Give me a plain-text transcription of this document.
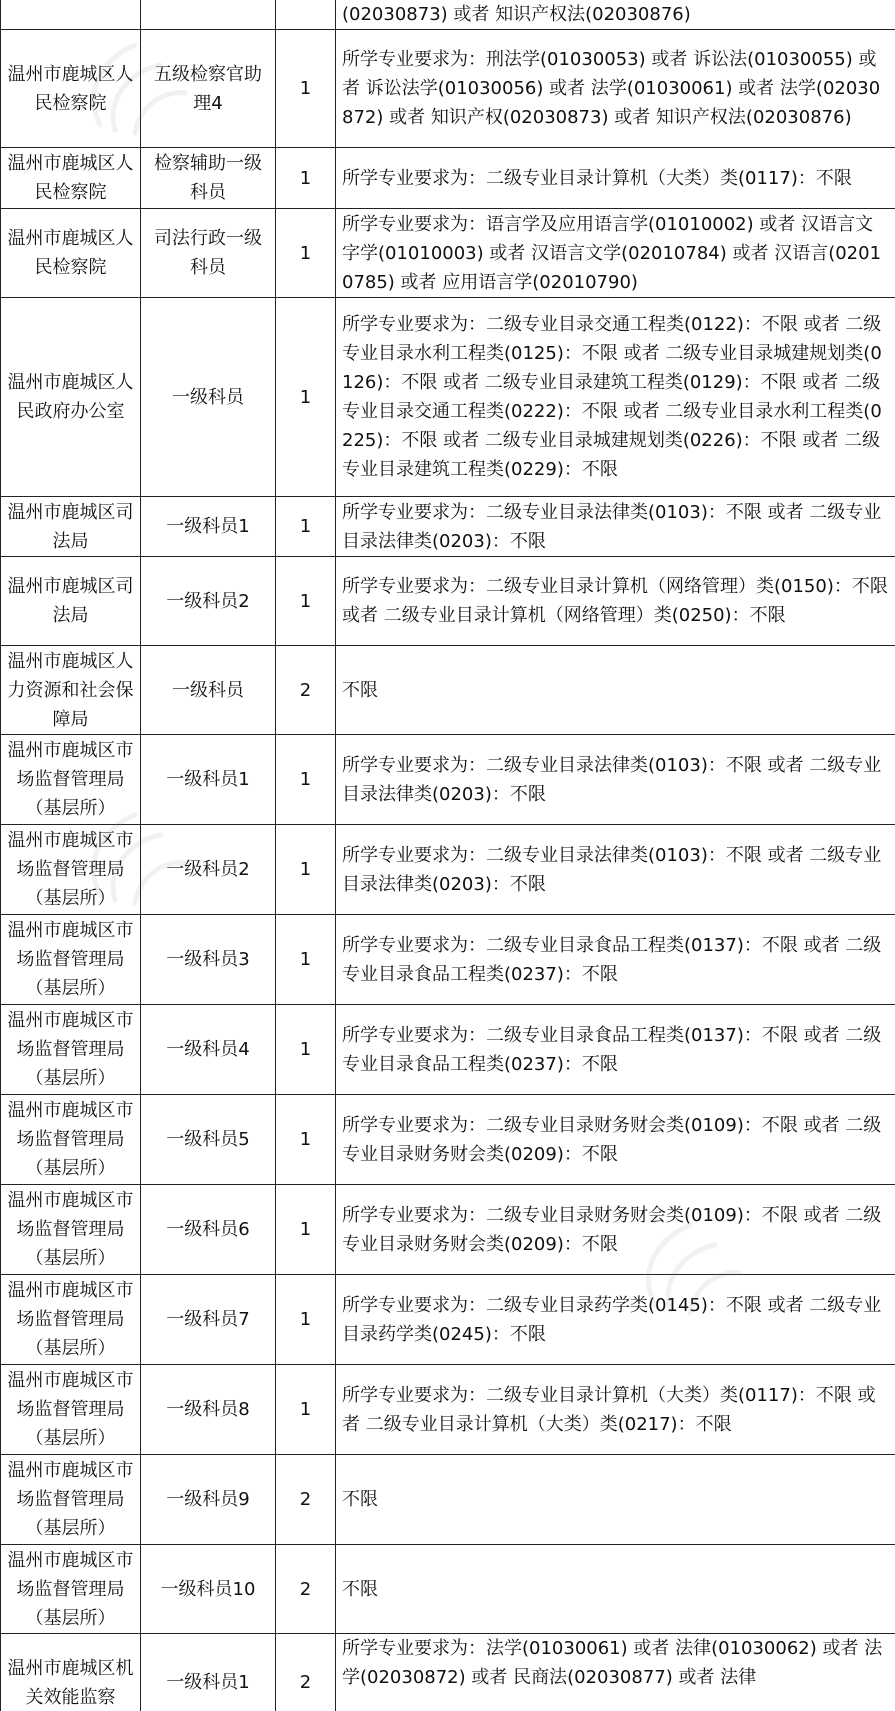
			(02030873) 或者 知识产权法(02030876)
温州市鹿城区人民检察院	五级检察官助理4	1	所学专业要求为：刑法学(01030053) 或者 诉讼法(01030055) 或者 诉讼法学(01030056) 或者 法学(01030061) 或者 法学(02030872) 或者 知识产权(02030873) 或者 知识产权法(02030876)
温州市鹿城区人民检察院	检察辅助一级科员	1	所学专业要求为：二级专业目录计算机（大类）类(0117)：不限
温州市鹿城区人民检察院	司法行政一级科员	1	所学专业要求为：语言学及应用语言学(01010002) 或者 汉语言文字学(01010003) 或者 汉语言文学(02010784) 或者 汉语言(02010785) 或者 应用语言学(02010790)
温州市鹿城区人民政府办公室	一级科员	1	所学专业要求为：二级专业目录交通工程类(0122)：不限 或者 二级专业目录水利工程类(0125)：不限 或者 二级专业目录城建规划类(0126)：不限 或者 二级专业目录建筑工程类(0129)：不限 或者 二级专业目录交通工程类(0222)：不限 或者 二级专业目录水利工程类(0225)：不限 或者 二级专业目录城建规划类(0226)：不限 或者 二级专业目录建筑工程类(0229)：不限
温州市鹿城区司法局	一级科员1	1	所学专业要求为：二级专业目录法律类(0103)：不限 或者 二级专业目录法律类(0203)：不限
温州市鹿城区司法局	一级科员2	1	所学专业要求为：二级专业目录计算机（网络管理）类(0150)：不限 或者 二级专业目录计算机（网络管理）类(0250)：不限
温州市鹿城区人力资源和社会保障局	一级科员	2	不限
温州市鹿城区市场监督管理局（基层所）	一级科员1	1	所学专业要求为：二级专业目录法律类(0103)：不限 或者 二级专业目录法律类(0203)：不限
温州市鹿城区市场监督管理局（基层所）	一级科员2	1	所学专业要求为：二级专业目录法律类(0103)：不限 或者 二级专业目录法律类(0203)：不限
温州市鹿城区市场监督管理局（基层所）	一级科员3	1	所学专业要求为：二级专业目录食品工程类(0137)：不限 或者 二级专业目录食品工程类(0237)：不限
温州市鹿城区市场监督管理局（基层所）	一级科员4	1	所学专业要求为：二级专业目录食品工程类(0137)：不限 或者 二级专业目录食品工程类(0237)：不限
温州市鹿城区市场监督管理局（基层所）	一级科员5	1	所学专业要求为：二级专业目录财务财会类(0109)：不限 或者 二级专业目录财务财会类(0209)：不限
温州市鹿城区市场监督管理局（基层所）	一级科员6	1	所学专业要求为：二级专业目录财务财会类(0109)：不限 或者 二级专业目录财务财会类(0209)：不限
温州市鹿城区市场监督管理局（基层所）	一级科员7	1	所学专业要求为：二级专业目录药学类(0145)：不限 或者 二级专业目录药学类(0245)：不限
温州市鹿城区市场监督管理局（基层所）	一级科员8	1	所学专业要求为：二级专业目录计算机（大类）类(0117)：不限 或者 二级专业目录计算机（大类）类(0217)：不限
温州市鹿城区市场监督管理局（基层所）	一级科员9	2	不限
温州市鹿城区市场监督管理局（基层所）	一级科员10	2	不限
温州市鹿城区机关效能监察	一级科员1	2	所学专业要求为：法学(01030061) 或者 法律(01030062) 或者 法学(02030872) 或者 民商法(02030877) 或者 法律
